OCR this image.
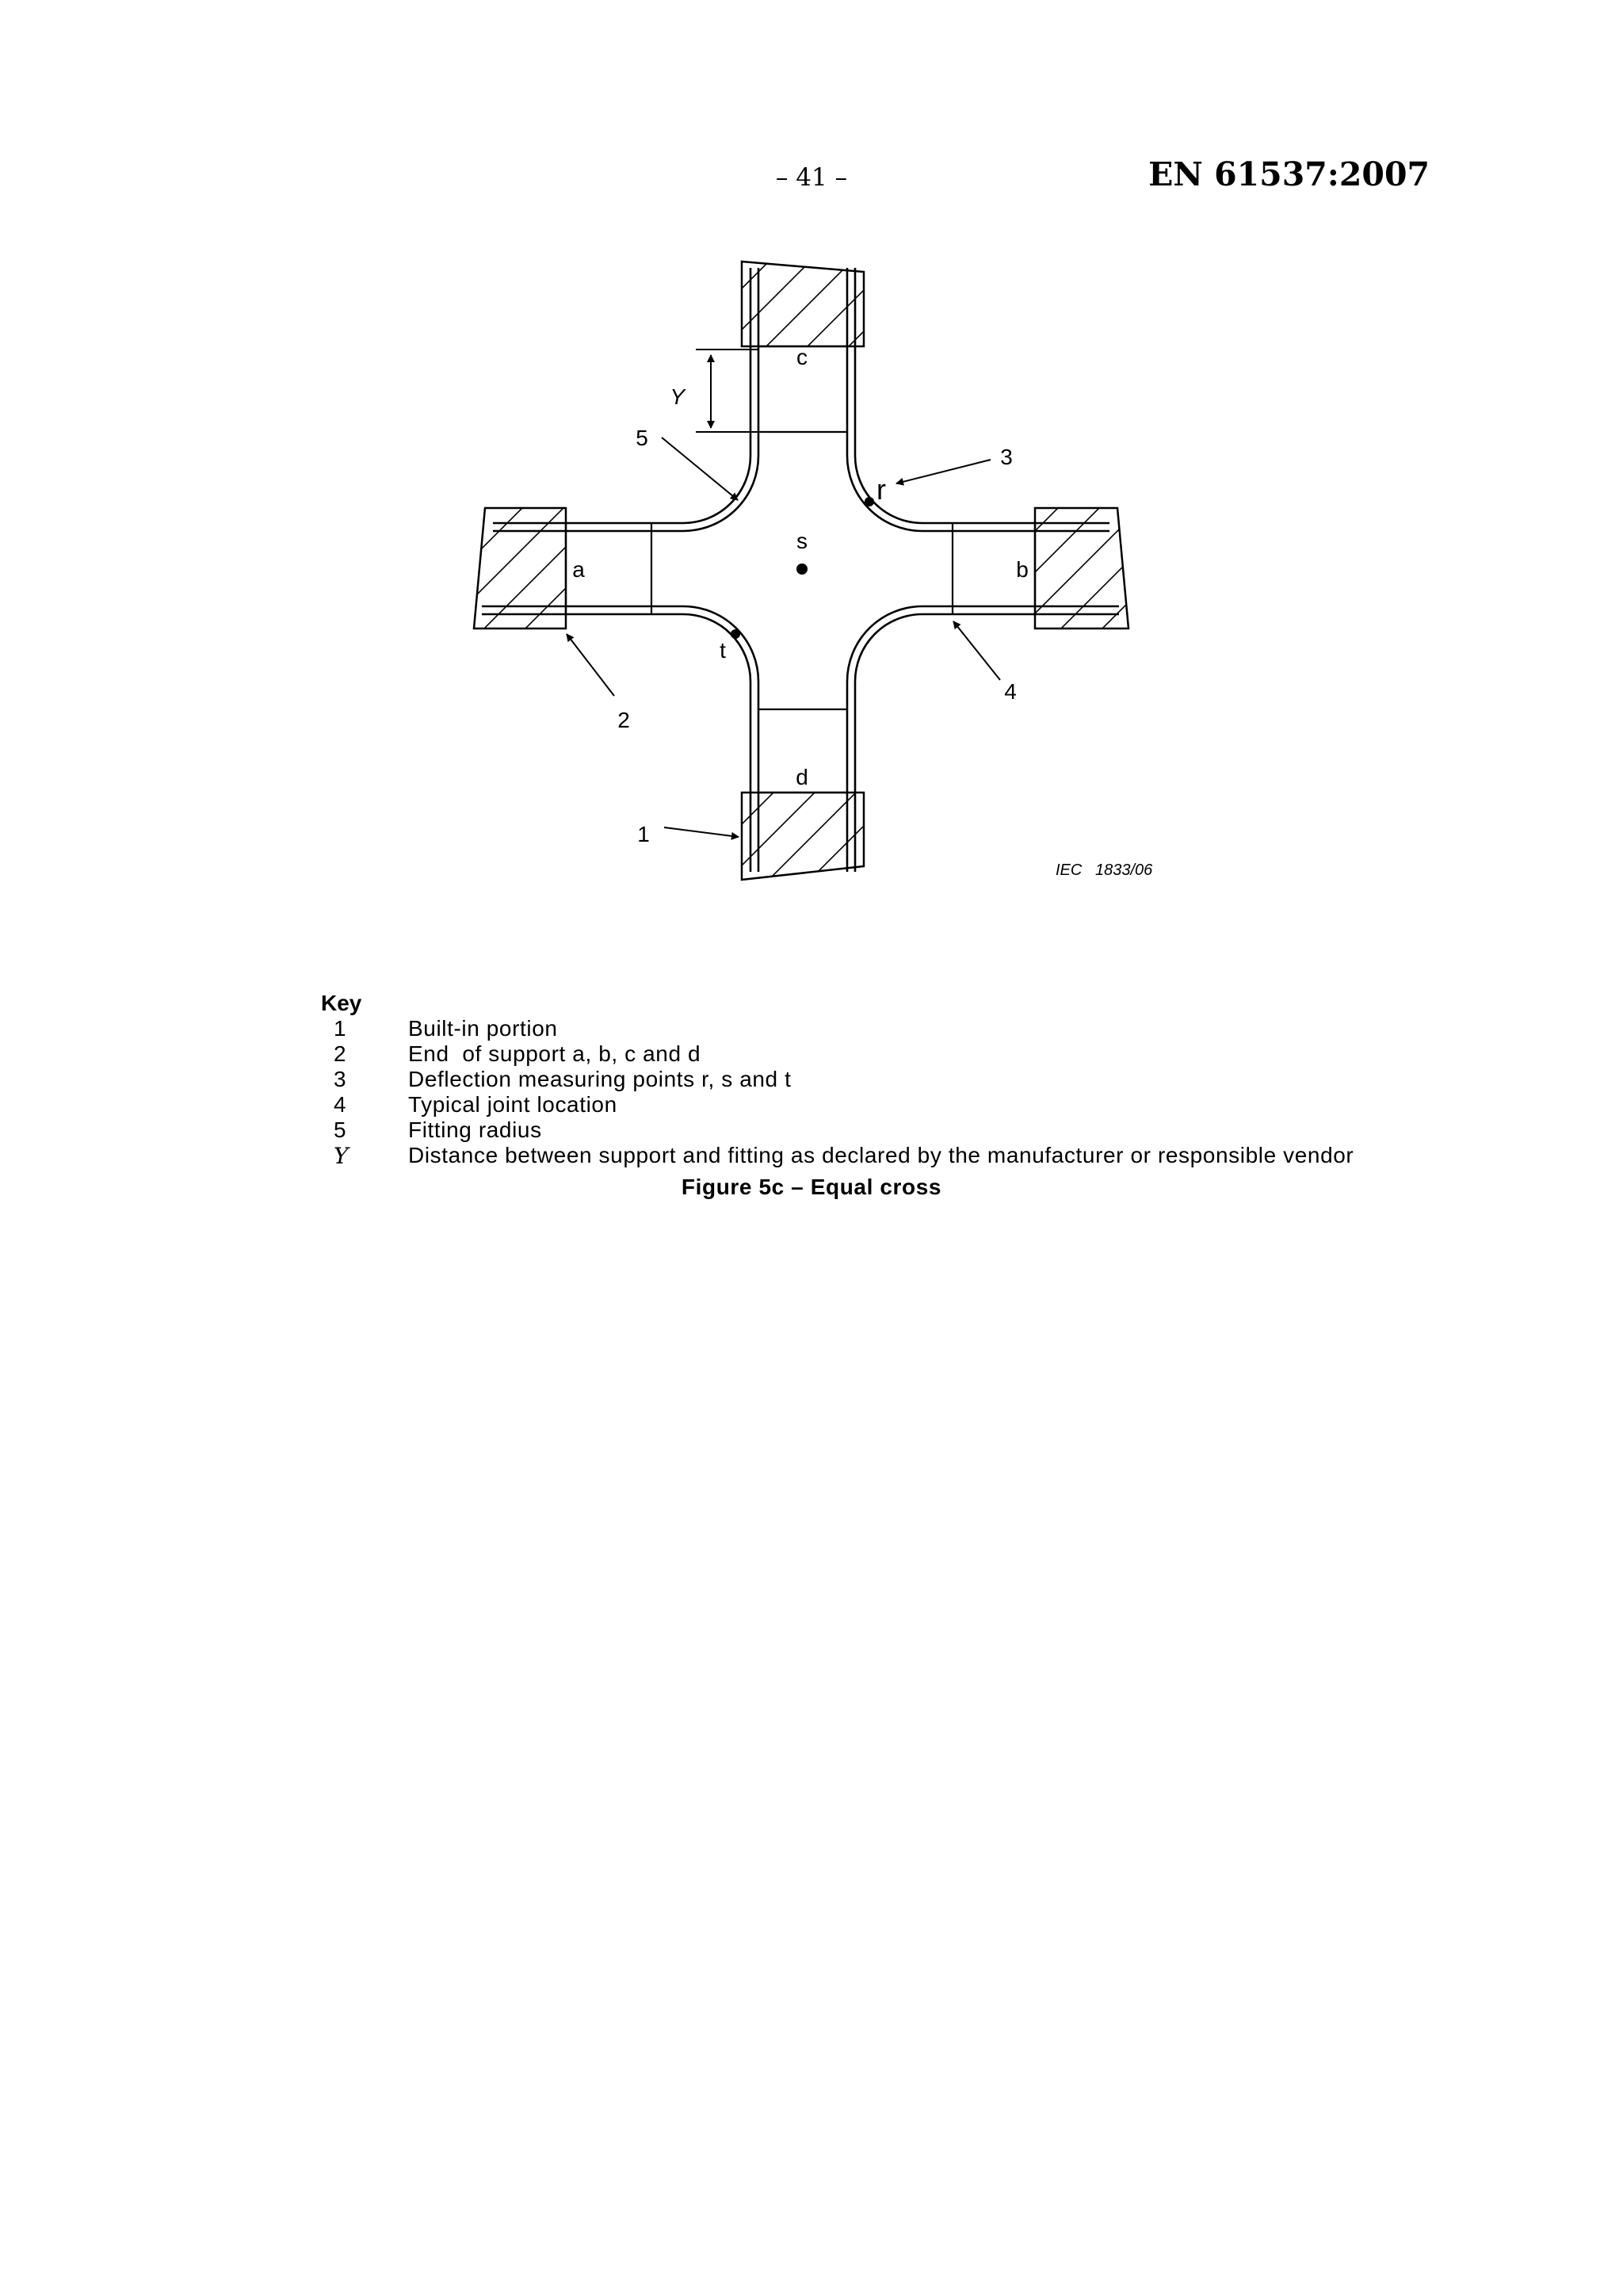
– 41 –	EN 61537:2007
Y
c
d
a	b
s
r
t
5
3
2
4
1
IEC   1833/06
Key
1	Built-in portion
2	End  of support a, b, c and d
3	Deflection measuring points r, s and t
4	Typical joint location
5	Fitting radius
Y	Distance between support and fitting as declared by the manufacturer or responsible vendor
Figure 5c – Equal cross
